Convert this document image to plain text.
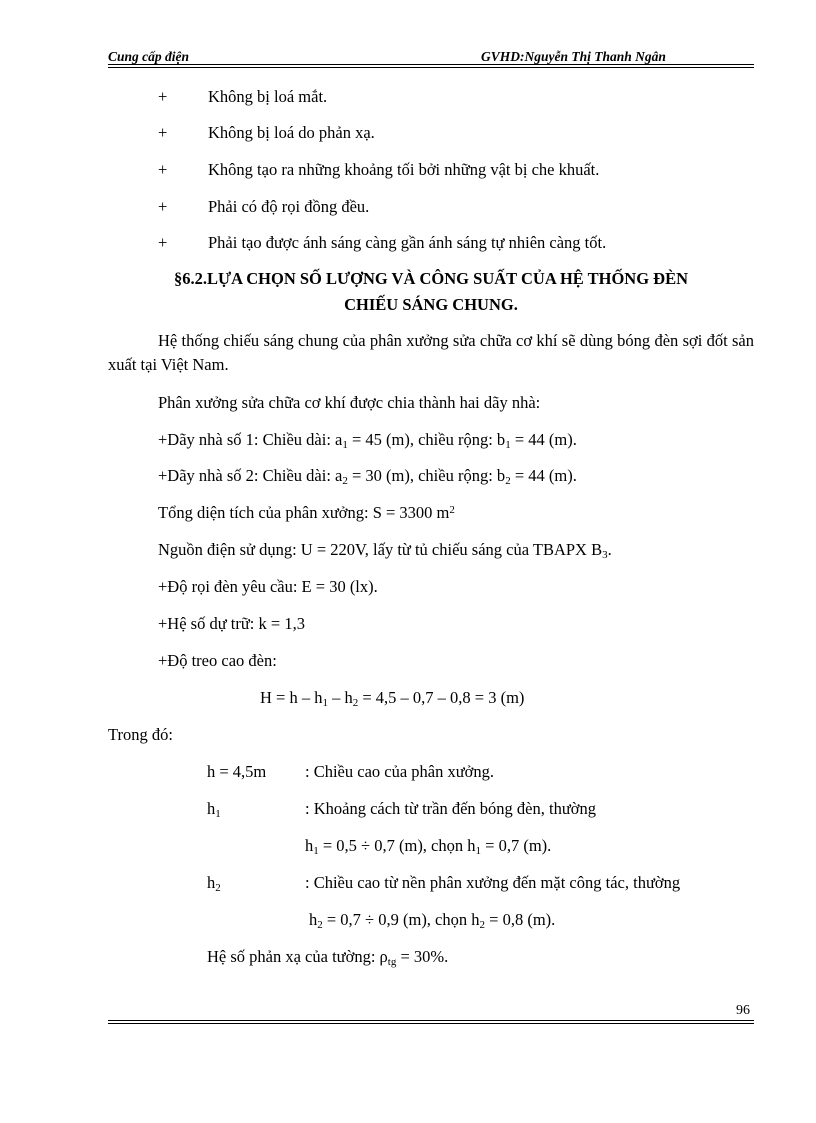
Cung cấp điện	GVHD:Nguyễn Thị Thanh Ngân
+ Không bị loá mắt.
+ Không bị loá do phản xạ.
+ Không tạo ra những khoảng tối bởi những vật bị che khuất.
+ Phải có độ rọi đồng đều.
+ Phải tạo được ánh sáng càng gần ánh sáng tự nhiên càng tốt.
§6.2.LỰA CHỌN SỐ LƯỢNG VÀ CÔNG SUẤT CỦA HỆ THỐNG ĐÈN
CHIẾU SÁNG CHUNG.
Hệ thống chiếu sáng chung của phân xưởng sửa chữa cơ khí sẽ dùng bóng đèn sợi đốt sản xuất tại Việt Nam.
Phân xưởng sửa chữa cơ khí được chia thành hai dãy nhà:
+Dãy nhà số 1: Chiều dài: $a_1 = 45$ (m), chiều rộng: $b_1 = 44$ (m).
+Dãy nhà số 2: Chiều dài: $a_2 = 30$ (m), chiều rộng: $b_2 = 44$ (m).
Tổng diện tích của phân xưởng: S = 3300 $m^2$
Nguồn điện sử dụng: U = 220V, lấy từ tủ chiếu sáng của TBAPX $B_3$.
+Độ rọi đèn yêu cầu: E = 30 (lx).
+Hệ số dự trữ: k = 1,3
+Độ treo cao đèn:
$H = h - h_1 - h_2 = 4,5 - 0,7 - 0,8 = 3$ (m)
Trong đó:
h = 4,5m : Chiều cao của phân xưởng.
$h_1$	: Khoảng cách từ trần đến bóng đèn, thường
$h_1 = 0,5 \div 0,7$ (m), chọn $h_1 = 0,7$ (m).
$h_2$	: Chiều cao từ nền phân xưởng đến mặt công tác, thường
$h_2 = 0,7 \div 0,9$ (m), chọn $h_2 = 0,8$ (m).
Hệ số phản xạ của tường: $\rho_{tg} = 30\%$.
96
